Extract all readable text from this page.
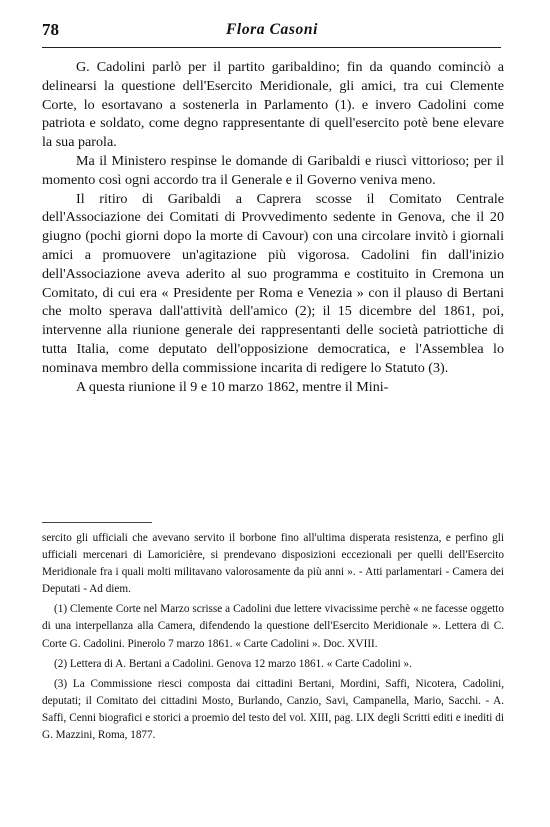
78	Flora Casoni

G. Cadolini parlò per il partito garibaldino; fin da quando cominciò a delinearsi la questione dell'Esercito Meridionale, gli amici, tra cui Clemente Corte, lo esortavano a sostenerla in Parlamento (1). e invero Cadolini come patriota e soldato, come degno rappresentante di quell'esercito potè bene elevare la sua parola.

Ma il Ministero respinse le domande di Garibaldi e riuscì vittorioso; per il momento così ogni accordo tra il Generale e il Governo veniva meno.

Il ritiro di Garibaldi a Caprera scosse il Comitato Centrale dell'Associazione dei Comitati di Provvedimento sedente in Genova, che il 20 giugno (pochi giorni dopo la morte di Cavour) con una circolare invitò i giornali amici a promuovere un'agitazione più vigorosa. Cadolini fin dall'inizio dell'Associazione aveva aderito al suo programma e costituito in Cremona un Comitato, di cui era « Presidente per Roma e Venezia » con il plauso di Bertani che molto sperava dall'attività dell'amico (2); il 15 dicembre del 1861, poi, intervenne alla riunione generale dei rappresentanti delle società patriottiche di tutta Italia, come deputato dell'opposizione democratica, e l'Assemblea lo nominava membro della commissione incarita di redigere lo Statuto (3).

A questa riunione il 9 e 10 marzo 1862, mentre il Mini-

sercito gli ufficiali che avevano servito il borbone fino all'ultima disperata resistenza, e perfino gli ufficiali mercenari di Lamoricière, si prendevano disposizioni eccezionali per quelli dell'Esercito Meridionale fra i quali molti militavano valorosamente da più anni ». - Atti parlamentari - Camera dei Deputati - Ad diem.

(1) Clemente Corte nel Marzo scrisse a Cadolini due lettere vivacissime perchè « ne facesse oggetto di una interpellanza alla Camera, difendendo la questione dell'Esercito Meridionale ». Lettera di C. Corte G. Cadolini. Pinerolo 7 marzo 1861. « Carte Cadolini ». Doc. XVIII.

(2) Lettera di A. Bertani a Cadolini. Genova 12 marzo 1861. « Carte Cadolini ».

(3) La Commissione riesci composta dai cittadini Bertani, Mordini, Saffi, Nicotera, Cadolini, deputati; il Comitato dei cittadini Mosto, Burlando, Canzio, Savi, Campanella, Mario, Sacchi. - A. Saffi, Cenni biografici e storici a proemio del testo del vol. XIII, pag. LIX degli Scritti editi e inediti di G. Mazzini, Roma, 1877.
